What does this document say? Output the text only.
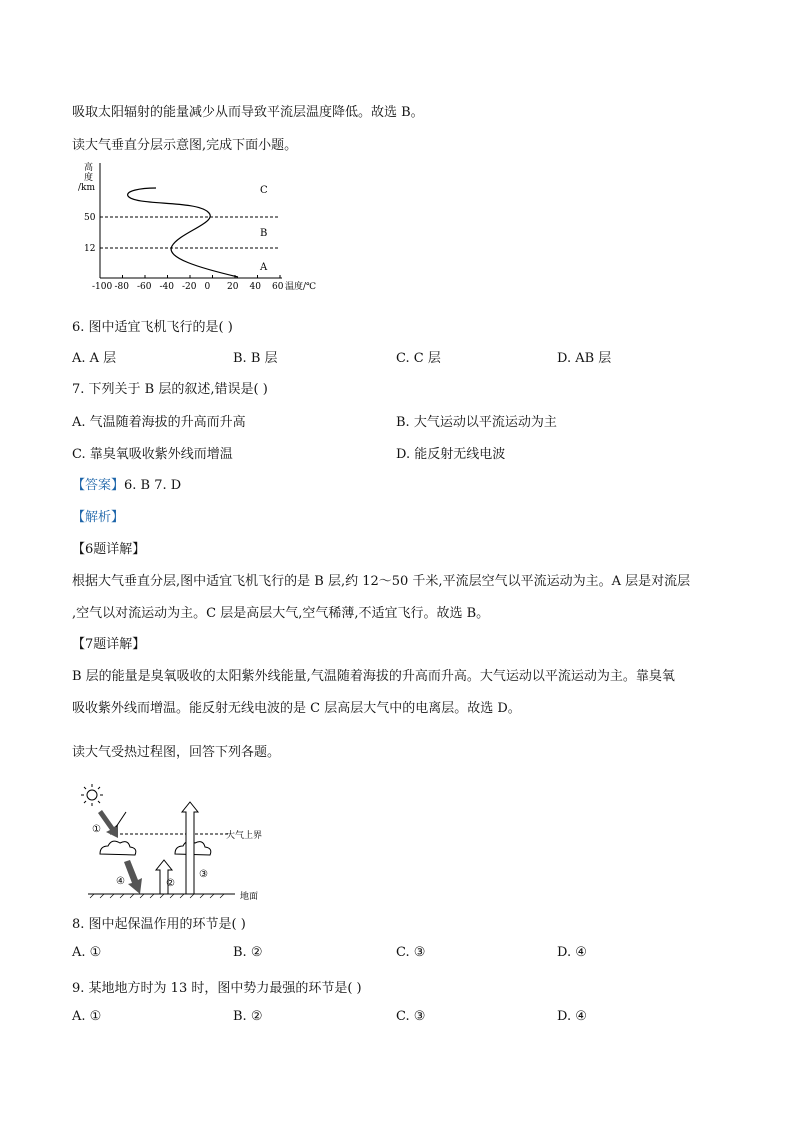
吸取太阳辐射的能量减少从而导致平流层温度降低。故选 B。
读大气垂直分层示意图,完成下面小题。
高
度
/km
50
12
C
B
A
-100 -80 -60 -40 -20 0 20 40 60 温度/℃
6. 图中适宜飞机飞行的是( )
A. A 层	B. B 层	C. C 层	D. AB 层
7. 下列关于 B 层的叙述,错误是( )
A. 气温随着海拔的升高而升高	B. 大气运动以平流运动为主
C. 靠臭氧吸收紫外线而增温	D. 能反射无线电波
【答案】6. B 7. D
【解析】
【6题详解】
根据大气垂直分层,图中适宜飞机飞行的是 B 层,约 12～50 千米,平流层空气以平流运动为主。A 层是对流层
,空气以对流运动为主。C 层是高层大气,空气稀薄,不适宜飞行。故选 B。
【7题详解】
B 层的能量是臭氧吸收的太阳紫外线能量,气温随着海拔的升高而升高。大气运动以平流运动为主。靠臭氧
吸收紫外线而增温。能反射无线电波的是 C 层高层大气中的电离层。故选 D。
读大气受热过程图，回答下列各题。
大气上界
①
②
③
④
地面
8. 图中起保温作用的环节是( )
A. ①	B. ②	C. ③	D. ④
9. 某地地方时为 13 时，图中势力最强的环节是( )
A. ①	B. ②	C. ③	D. ④
